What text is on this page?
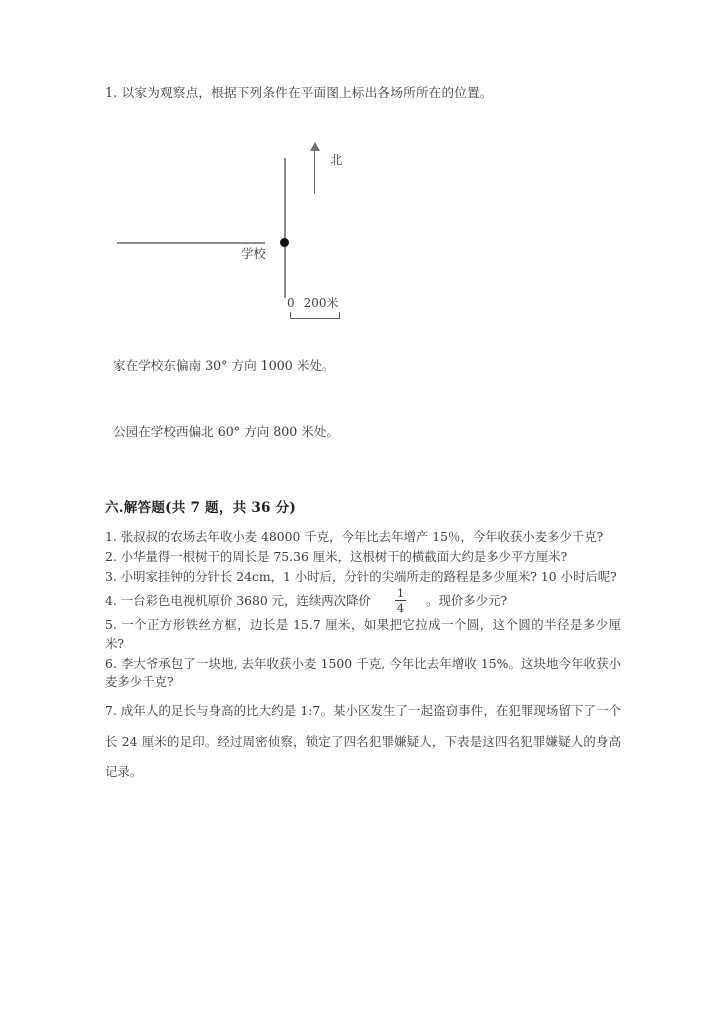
1. 以家为观察点，根据下列条件在平面图上标出各场所所在的位置。
学校
北
0 200米
家在学校东偏南 30° 方向 1000 米处。
公园在学校西偏北 60° 方向 800 米处。
六.解答题(共 7 题，共 36 分)
1. 张叔叔的农场去年收小麦 48000 千克，今年比去年增产 15％，今年收获小麦多少千克?
2. 小华量得一根树干的周长是 75.36 厘米，这根树干的横截面大约是多少平方厘米?
3. 小明家挂钟的分针长 24cm，1 小时后，分针的尖端所走的路程是多少厘米? 10 小时后呢?
4. 一台彩色电视机原价 3680 元，连续两次降价 $\frac{1}{4}$ 。现价多少元?
5. 一个正方形铁丝方框，边长是 15.7 厘米，如果把它拉成一个圆，这个圆的半径是多少厘米?
6. 李大爷承包了一块地, 去年收获小麦 1500 千克, 今年比去年增收 15%。这块地今年收获小麦多少千克?
7. 成年人的足长与身高的比大约是 1:7。某小区发生了一起盗窃事件，在犯罪现场留下了一个长 24 厘米的足印。经过周密侦察，锁定了四名犯罪嫌疑人，下表是这四名犯罪嫌疑人的身高记录。
